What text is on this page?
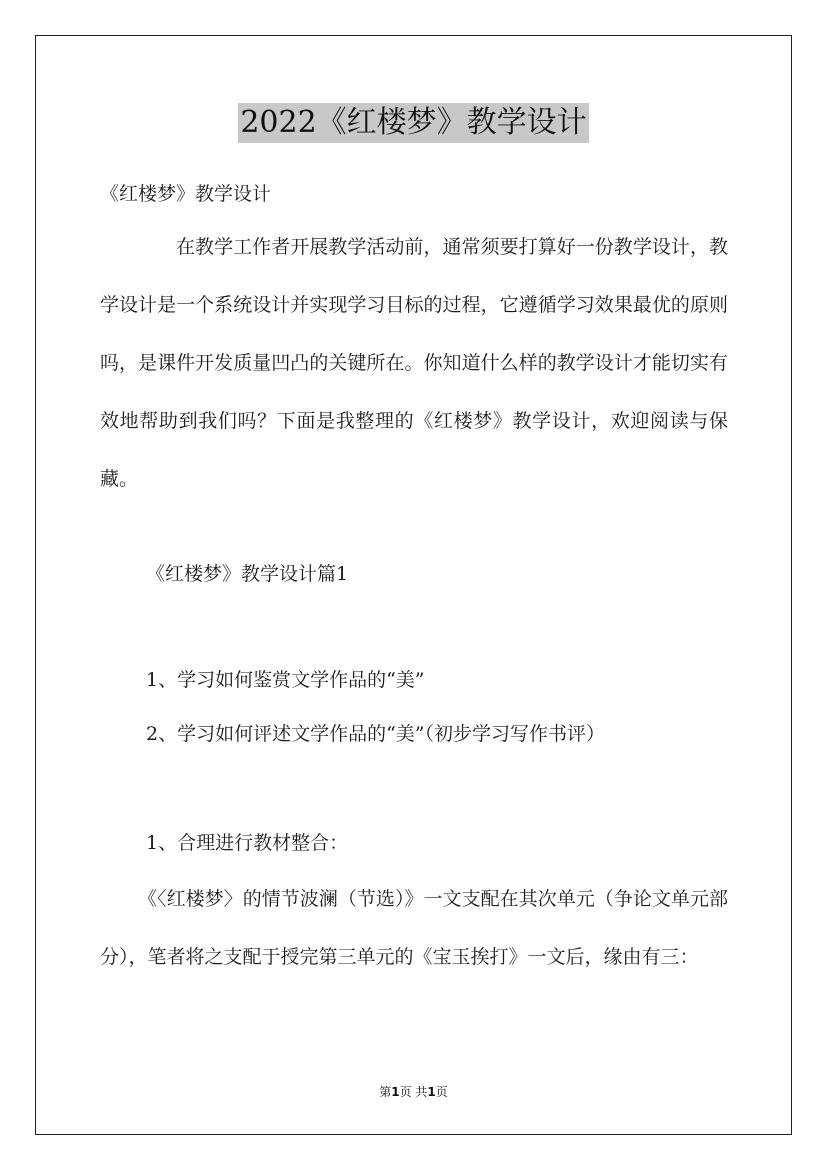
2022《红楼梦》教学设计
《红楼梦》教学设计
在教学工作者开展教学活动前，通常须要打算好一份教学设计，教学设计是一个系统设计并实现学习目标的过程，它遵循学习效果最优的原则吗，是课件开发质量凹凸的关键所在。你知道什么样的教学设计才能切实有效地帮助到我们吗？下面是我整理的《红楼梦》教学设计，欢迎阅读与保藏。
《红楼梦》教学设计篇1
1、学习如何鉴赏文学作品的“美”
2、学习如何评述文学作品的“美”（初步学习写作书评）
1、合理进行教材整合：
《〈红楼梦〉的情节波澜（节选）》一文支配在其次单元（争论文单元部分），笔者将之支配于授完第三单元的《宝玉挨打》一文后，缘由有三：
第1页 共1页
